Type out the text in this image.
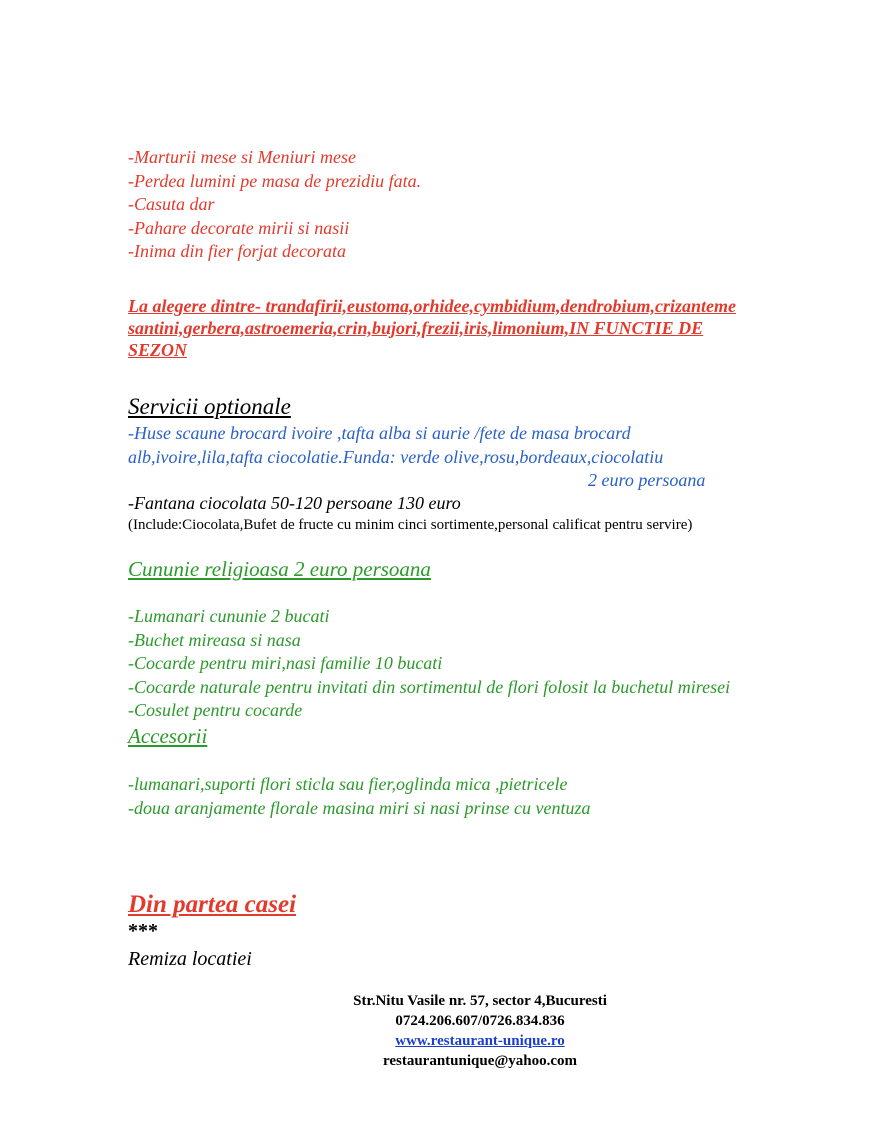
-Marturii mese si Meniuri mese
-Perdea lumini pe masa de prezidiu fata.
-Casuta dar
-Pahare decorate mirii si nasii
-Inima din fier forjat decorata
La alegere dintre- trandafirii,eustoma,orhidee,cymbidium,dendrobium,crizanteme
santini,gerbera,astroemeria,crin,bujori,frezii,iris,limonium,IN FUNCTIE DE
SEZON
Servicii optionale
-Huse scaune brocard ivoire ,tafta alba si aurie /fete de masa brocard
alb,ivoire,lila,tafta ciocolatie.Funda: verde olive,rosu,bordeaux,ciocolatiu
2 euro persoana
-Fantana ciocolata 50-120 persoane 130 euro
(Include:Ciocolata,Bufet de fructe cu minim cinci sortimente,personal calificat pentru servire)
Cununie religioasa 2 euro persoana
-Lumanari cununie 2 bucati
-Buchet mireasa si nasa
-Cocarde pentru miri,nasi familie 10 bucati
-Cocarde naturale pentru invitati din sortimentul de flori folosit la buchetul miresei
-Cosulet pentru cocarde
Accesorii
-lumanari,suporti flori sticla sau fier,oglinda mica ,pietricele
-doua aranjamente florale masina miri si nasi prinse cu ventuza
Din partea casei
***
Remiza locatiei
Str.Nitu Vasile nr. 57, sector 4,Bucuresti
0724.206.607/0726.834.836
www.restaurant-unique.ro
restaurantunique@yahoo.com
